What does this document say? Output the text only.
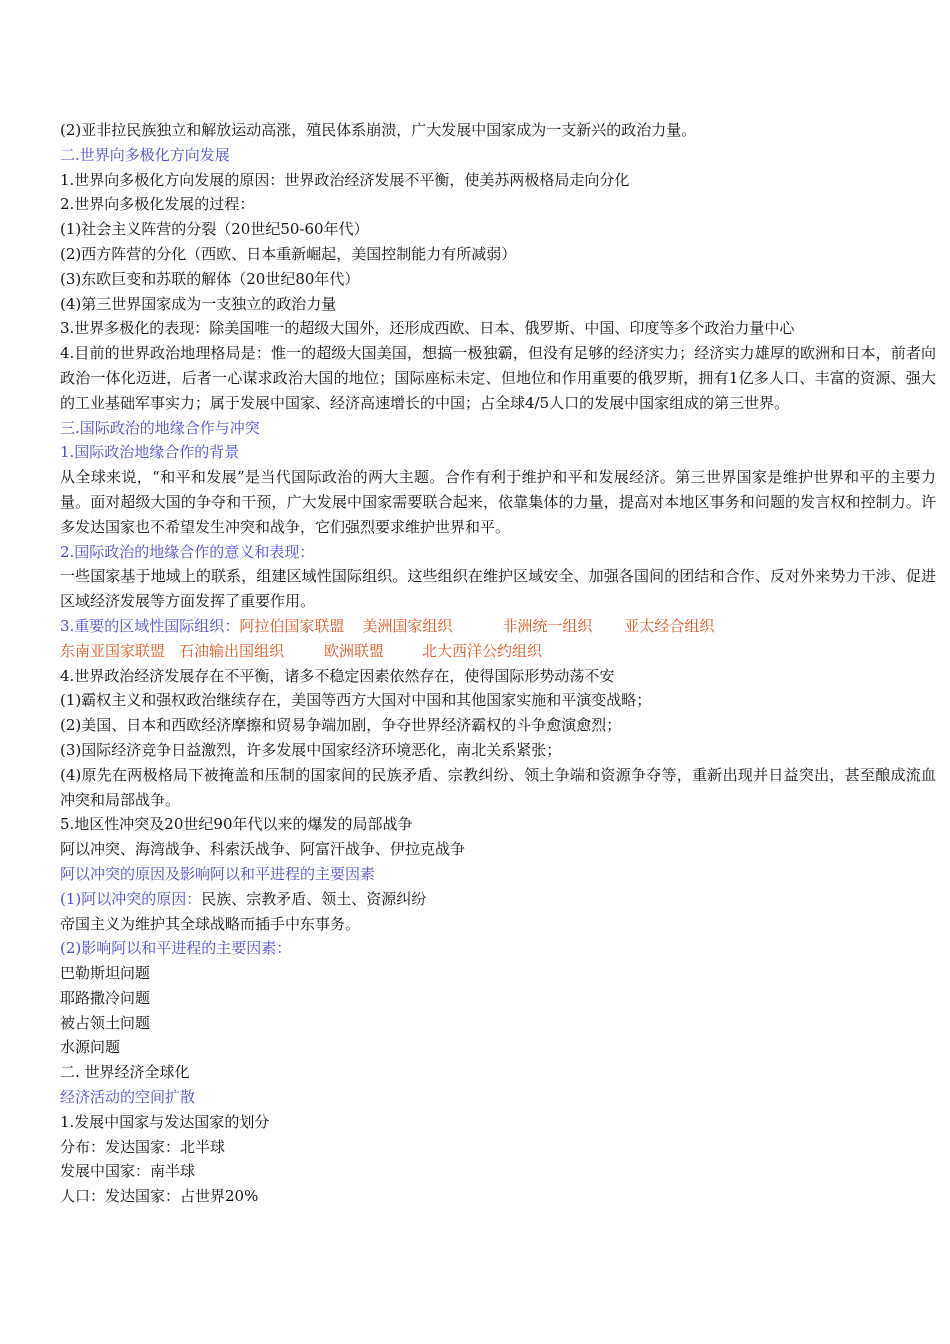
(2)亚非拉民族独立和解放运动高涨，殖民体系崩溃，广大发展中国家成为一支新兴的政治力量。

二.世界向多极化方向发展

1.世界向多极化方向发展的原因：世界政治经济发展不平衡，使美苏两极格局走向分化

2.世界向多极化发展的过程：

(1)社会主义阵营的分裂（20世纪50-60年代）

(2)西方阵营的分化（西欧、日本重新崛起，美国控制能力有所减弱）

(3)东欧巨变和苏联的解体（20世纪80年代）

(4)第三世界国家成为一支独立的政治力量

3.世界多极化的表现：除美国唯一的超级大国外，还形成西欧、日本、俄罗斯、中国、印度等多个政治力量中心

4.目前的世界政治地理格局是：惟一的超级大国美国，想搞一极独霸，但没有足够的经济实力；经济实力雄厚的欧洲和日本，前者向政治一体化迈进，后者一心谋求政治大国的地位；国际座标未定、但地位和作用重要的俄罗斯，拥有1亿多人口、丰富的资源、强大的工业基础军事实力；属于发展中国家、经济高速增长的中国；占全球4/5人口的发展中国家组成的第三世界。

三.国际政治的地缘合作与冲突

1.国际政治地缘合作的背景

从全球来说，“和平和发展”是当代国际政治的两大主题。合作有利于维护和平和发展经济。第三世界国家是维护世界和平的主要力量。面对超级大国的争夺和干预，广大发展中国家需要联合起来，依靠集体的力量，提高对本地区事务和问题的发言权和控制力。许多发达国家也不希望发生冲突和战争，它们强烈要求维护世界和平。

2.国际政治的地缘合作的意义和表现：

一些国家基于地域上的联系，组建区域性国际组织。这些组织在维护区域安全、加强各国间的团结和合作、反对外来势力干涉、促进区域经济发展等方面发挥了重要作用。

3.重要的区域性国际组织：阿拉伯国家联盟 美洲国家组织	非洲统一组织 亚太经合组织

东南亚国家联盟 石油输出国组织	欧洲联盟	北大西洋公约组织

4.世界政治经济发展存在不平衡，诸多不稳定因素依然存在，使得国际形势动荡不安

(1)霸权主义和强权政治继续存在，美国等西方大国对中国和其他国家实施和平演变战略；

(2)美国、日本和西欧经济摩擦和贸易争端加剧，争夺世界经济霸权的斗争愈演愈烈；

(3)国际经济竞争日益激烈，许多发展中国家经济环境恶化，南北关系紧张；

(4)原先在两极格局下被掩盖和压制的国家间的民族矛盾、宗教纠纷、领土争端和资源争夺等，重新出现并日益突出，甚至酿成流血冲突和局部战争。

5.地区性冲突及20世纪90年代以来的爆发的局部战争

阿以冲突、海湾战争、科索沃战争、阿富汗战争、伊拉克战争

阿以冲突的原因及影响阿以和平进程的主要因素

(1)阿以冲突的原因：民族、宗教矛盾、领土、资源纠纷

帝国主义为维护其全球战略而插手中东事务。

(2)影响阿以和平进程的主要因素：

巴勒斯坦问题

耶路撒冷问题

被占领土问题

水源问题

二. 世界经济全球化

经济活动的空间扩散

1.发展中国家与发达国家的划分

分布：发达国家：北半球

发展中国家：南半球

人口：发达国家：占世界20%
